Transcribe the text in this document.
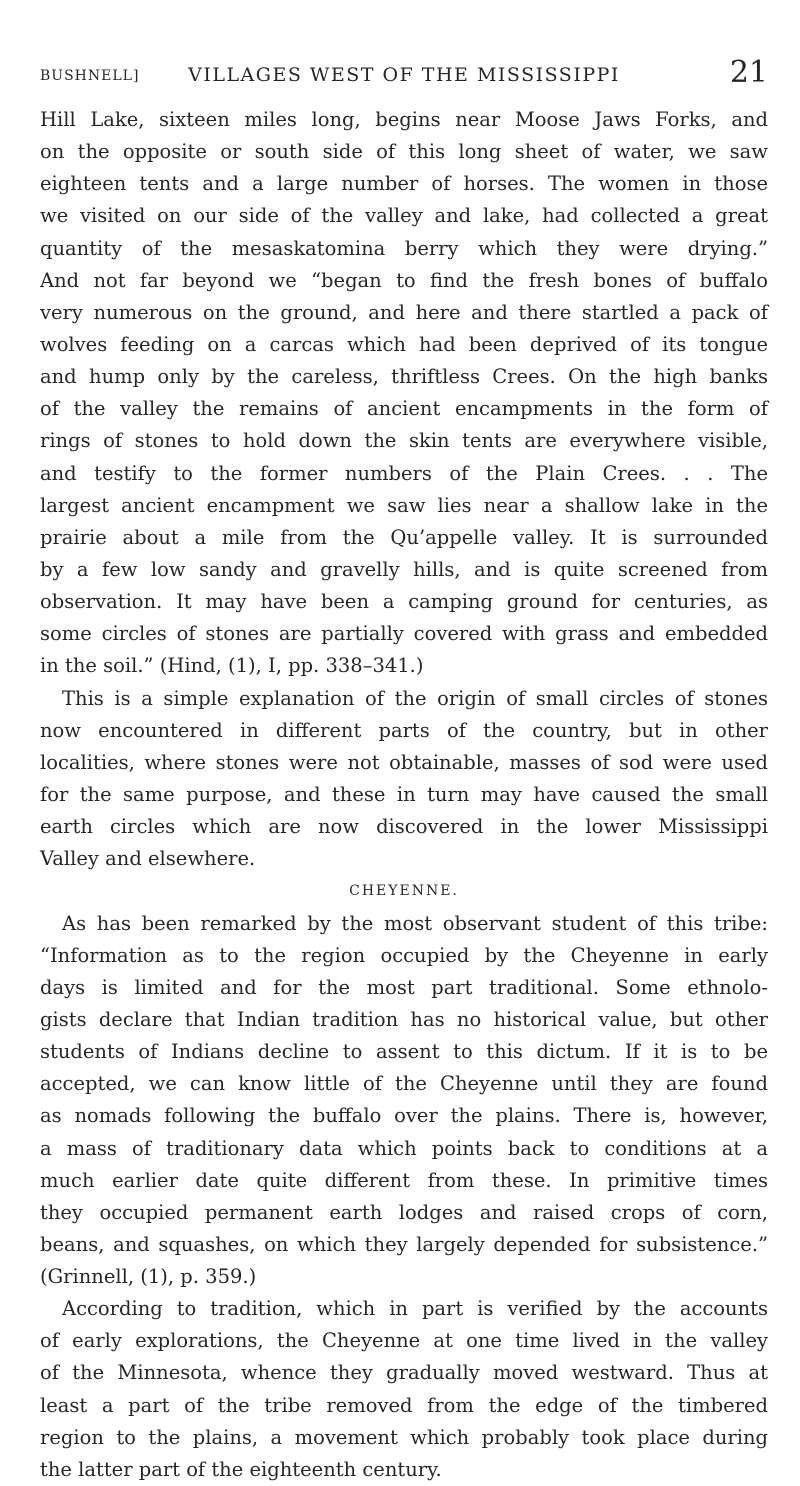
BUSHNELL]	VILLAGES WEST OF THE MISSISSIPPI	21
Hill Lake, sixteen miles long, begins near Moose Jaws Forks, and
on the opposite or south side of this long sheet of water, we saw
eighteen tents and a large number of horses. The women in those
we visited on our side of the valley and lake, had collected a great
quantity of the mesaskatomina berry which they were drying.”
And not far beyond we “began to find the fresh bones of buffalo
very numerous on the ground, and here and there startled a pack of
wolves feeding on a carcas which had been deprived of its tongue
and hump only by the careless, thriftless Crees. On the high banks
of the valley the remains of ancient encampments in the form of
rings of stones to hold down the skin tents are everywhere visible,
and testify to the former numbers of the Plain Crees. . . The
largest ancient encampment we saw lies near a shallow lake in the
prairie about a mile from the Qu’appelle valley. It is surrounded
by a few low sandy and gravelly hills, and is quite screened from
observation. It may have been a camping ground for centuries, as
some circles of stones are partially covered with grass and embedded
in the soil.” (Hind, (1), I, pp. 338–341.)
This is a simple explanation of the origin of small circles of stones
now encountered in different parts of the country, but in other
localities, where stones were not obtainable, masses of sod were used
for the same purpose, and these in turn may have caused the small
earth circles which are now discovered in the lower Mississippi
Valley and elsewhere.
CHEYENNE.
As has been remarked by the most observant student of this tribe:
“Information as to the region occupied by the Cheyenne in early
days is limited and for the most part traditional. Some ethnolo-
gists declare that Indian tradition has no historical value, but other
students of Indians decline to assent to this dictum. If it is to be
accepted, we can know little of the Cheyenne until they are found
as nomads following the buffalo over the plains. There is, however,
a mass of traditionary data which points back to conditions at a
much earlier date quite different from these. In primitive times
they occupied permanent earth lodges and raised crops of corn,
beans, and squashes, on which they largely depended for subsistence.”
(Grinnell, (1), p. 359.)
According to tradition, which in part is verified by the accounts
of early explorations, the Cheyenne at one time lived in the valley
of the Minnesota, whence they gradually moved westward. Thus at
least a part of the tribe removed from the edge of the timbered
region to the plains, a movement which probably took place during
the latter part of the eighteenth century.
